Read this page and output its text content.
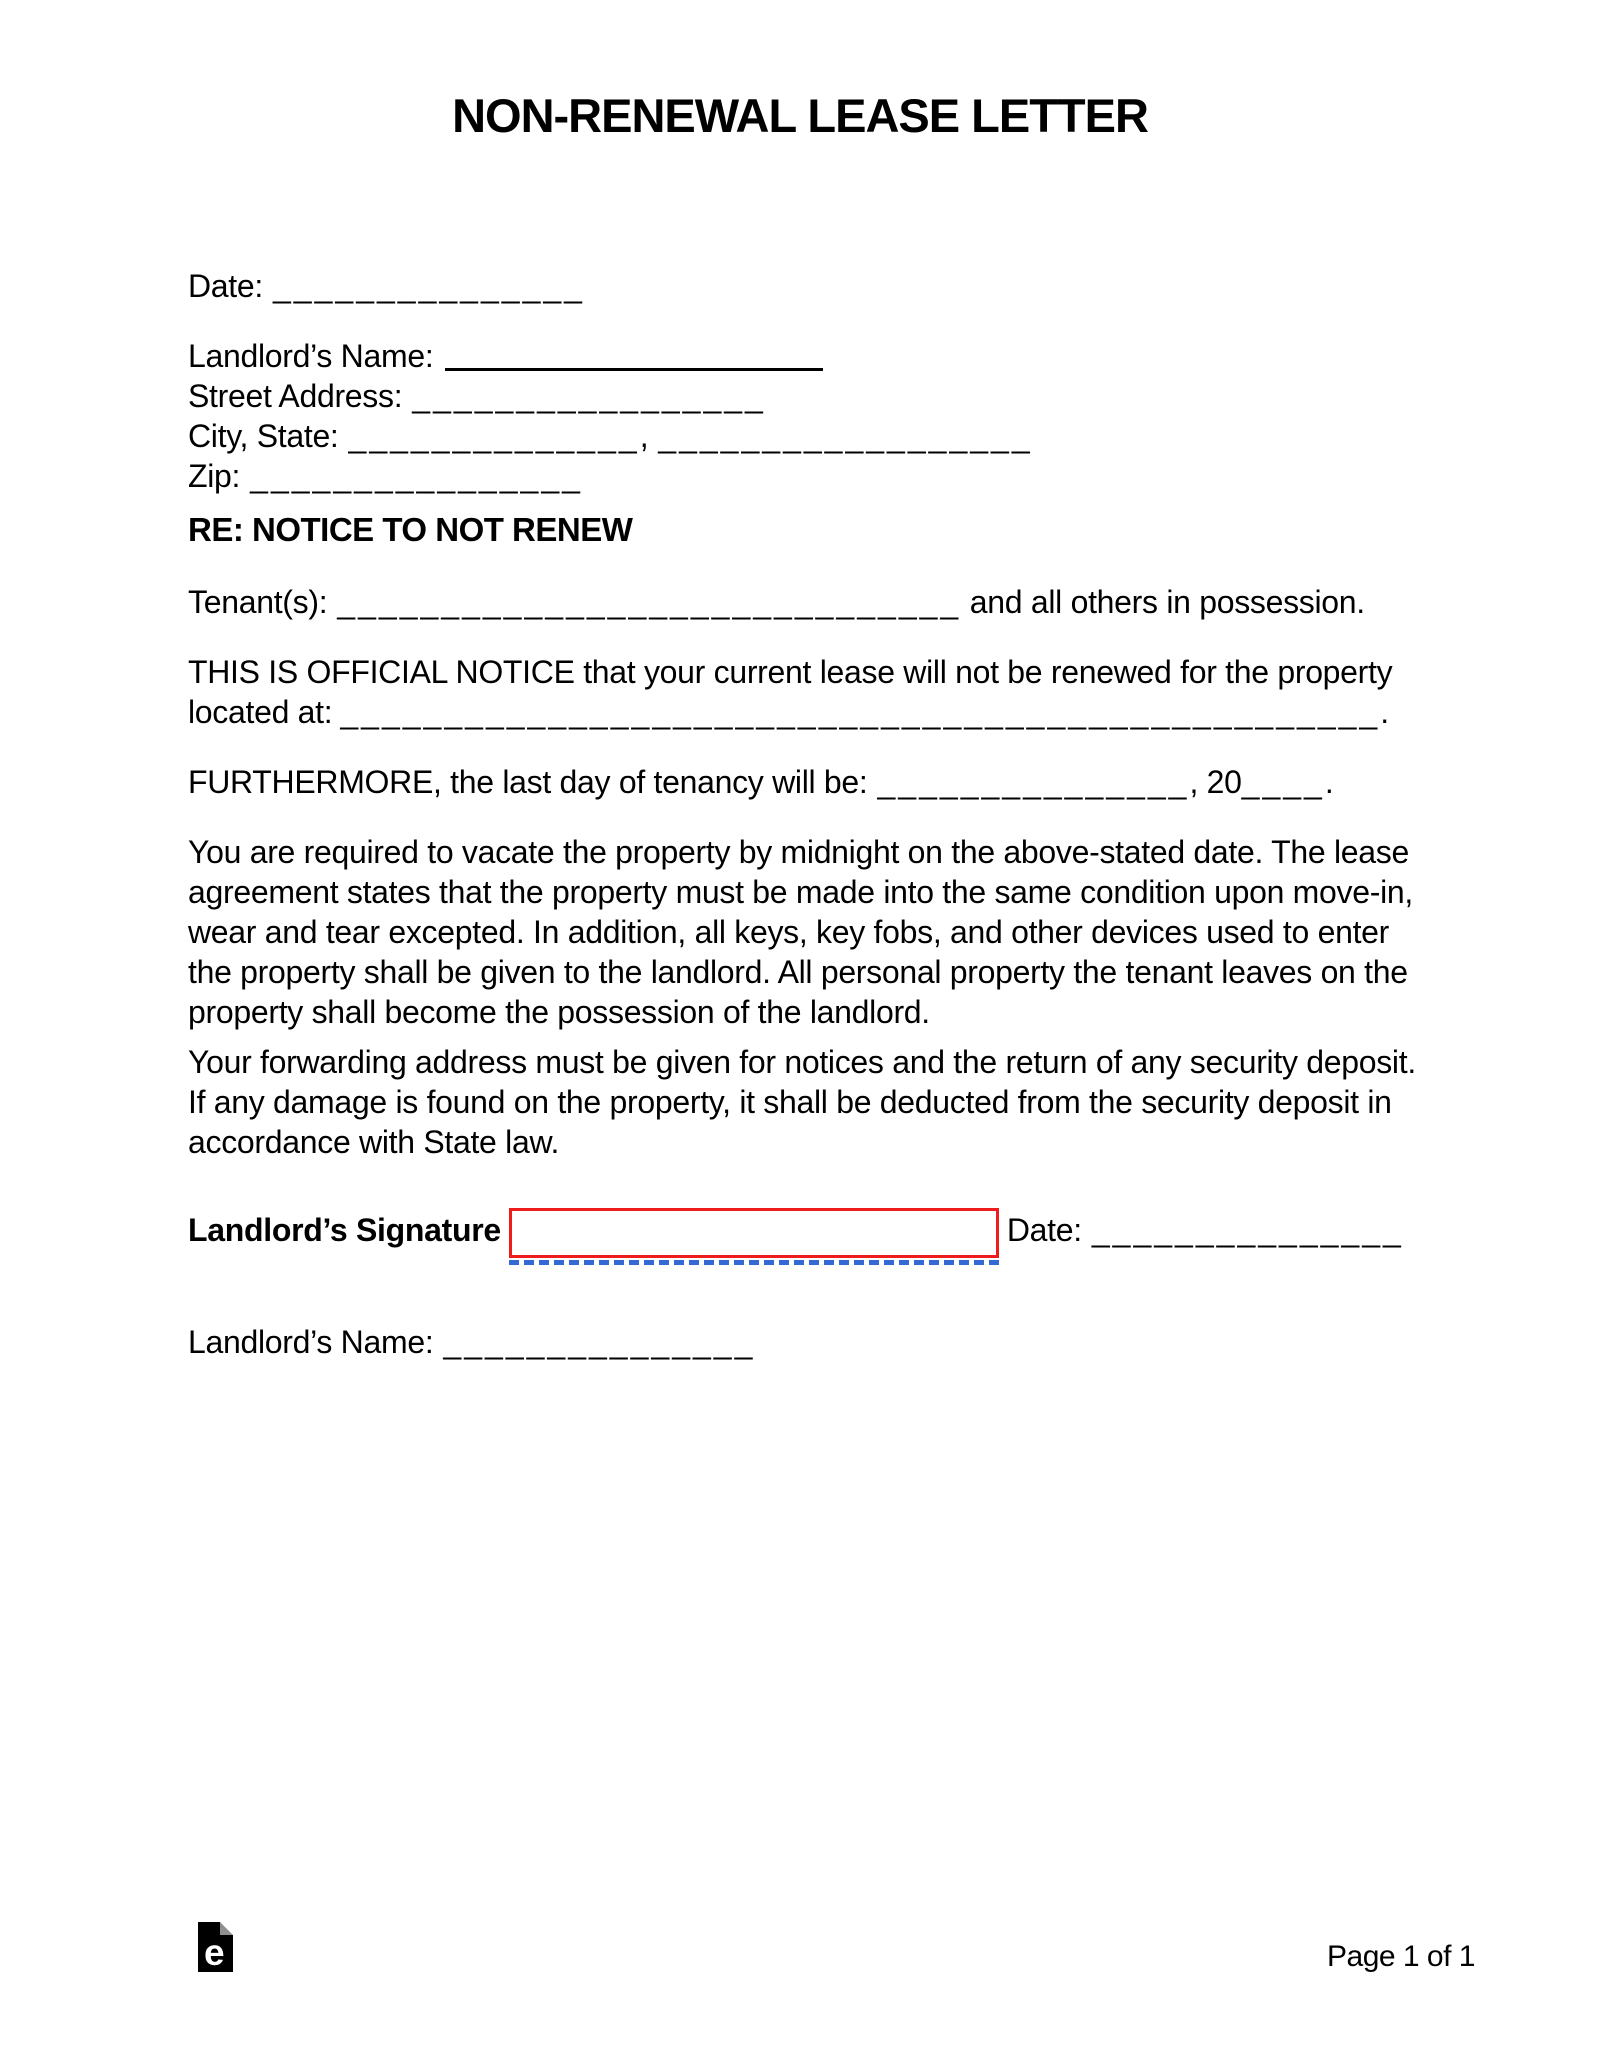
NON-RENEWAL LEASE LETTER
Date: _______________
Landlord’s Name:
Street Address: _________________
City, State: ______________, __________________
Zip: ________________
RE: NOTICE TO NOT RENEW
Tenant(s): ______________________________ and all others in possession.

THIS IS OFFICIAL NOTICE that your current lease will not be renewed for the property located at: __________________________________________________.

FURTHERMORE, the last day of tenancy will be: _______________, 20____.

You are required to vacate the property by midnight on the above-stated date. The lease agreement states that the property must be made into the same condition upon move-in, wear and tear excepted. In addition, all keys, key fobs, and other devices used to enter the property shall be given to the landlord. All personal property the tenant leaves on the property shall become the possession of the landlord.

Your forwarding address must be given for notices and the return of any security deposit. If any damage is found on the property, it shall be deducted from the security deposit in accordance with State law.

Landlord’s Signature	Date: _______________
Landlord’s Name: _______________
e	Page 1 of 1
